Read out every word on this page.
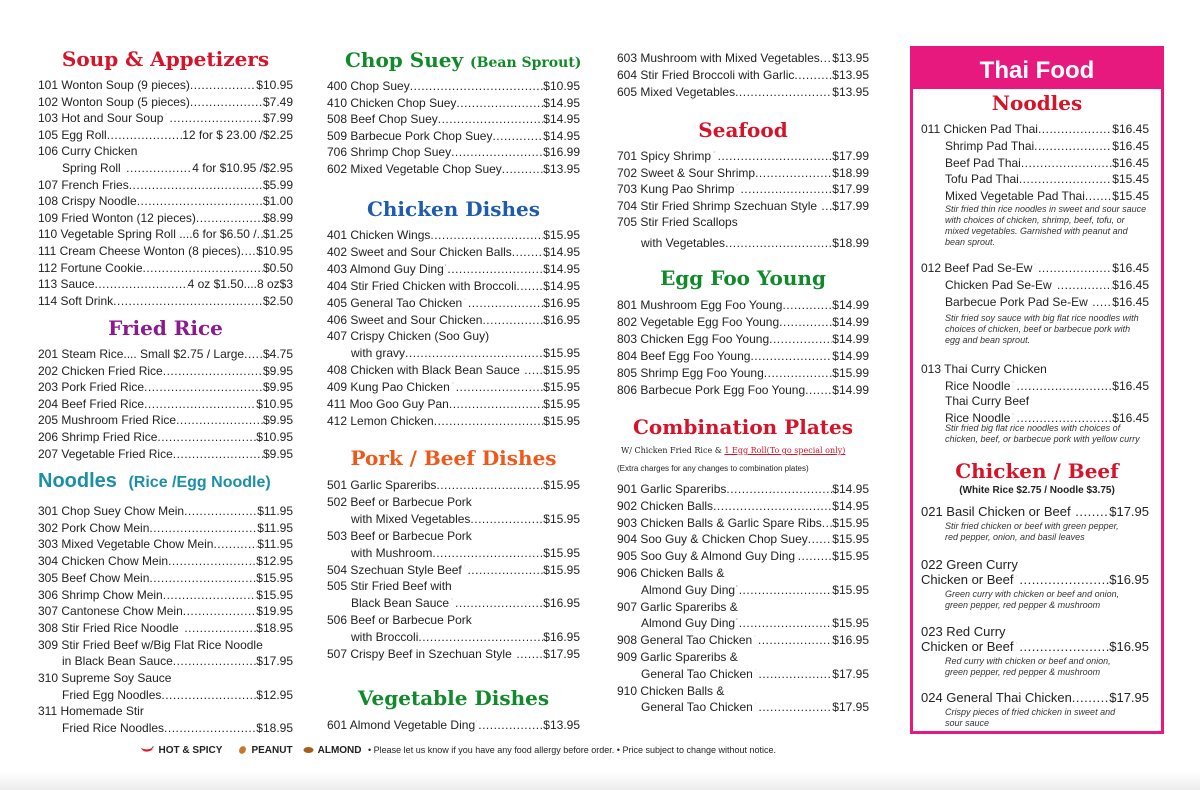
Soup & Appetizers
101 Wonton Soup (9 pieces) .....	$10.95
102 Wonton Soup (5 pieces) .....	$7.49
103 Hot and Sour Soup .....	$7.99
105 Egg Roll .....	12 for $ 23.00 / $2.25
106 Curry Chicken
Spring Roll .....	4 for $10.95 / $2.95
107 French Fries .....	$5.99
108 Crispy Noodle .....	$1.00
109 Fried Wonton (12 pieces) .....	$8.99
110 Vegetable Spring Roll ....6 for $6.50 / ..... $1.25
111 Cream Cheese Wonton (8 pieces) ..... $10.95
112 Fortune Cookie .....	$0.50
113 Sauce .....	4 oz $1.50....8 oz $3
114 Soft Drink .....	$2.50
Fried Rice
201 Steam Rice.... Small $2.75 / Large ..... $4.75
202 Chicken Fried Rice .....	$9.95
203 Pork Fried Rice .....	$9.95
204 Beef Fried Rice .....	$10.95
205 Mushroom Fried Rice .....	$9.95
206 Shrimp Fried Rice .....	$10.95
207 Vegetable Fried Rice .....	$9.95
Noodles (Rice /Egg Noodle)
301 Chop Suey Chow Mein .....	$11.95
302 Pork Chow Mein .....	$11.95
303 Mixed Vegetable Chow Mein .....	$11.95
304 Chicken Chow Mein .....	$12.95
305 Beef Chow Mein .....	$15.95
306 Shrimp Chow Mein .....	$15.95
307 Cantonese Chow Mein .....	$19.95
308 Stir Fried Rice Noodle .....	$18.95
309 Stir Fried Beef w/Big Flat Rice Noodle
in Black Bean Sauce .....	$17.95
310 Supreme Soy Sauce
Fried Egg Noodles .....	$12.95
311 Homemade Stir
Fried Rice Noodles .....	$18.95
Chop Suey (Bean Sprout)
400 Chop Suey .....	$10.95
410 Chicken Chop Suey .....	$14.95
508 Beef Chop Suey .....	$14.95
509 Barbecue Pork Chop Suey .....	$14.95
706 Shrimp Chop Suey .....	$16.99
602 Mixed Vegetable Chop Suey .....	$13.95
Chicken Dishes
401 Chicken Wings .....	$15.95
402 Sweet and Sour Chicken Balls .....	$14.95
403 Almond Guy Ding .....	$14.95
404 Stir Fried Chicken with Broccoli ..... $14.95
405 General Tao Chicken .....	$16.95
406 Sweet and Sour Chicken .....	$16.95
407 Crispy Chicken (Soo Guy)
with gravy .....	$15.95
408 Chicken with Black Bean Sauce ..... $15.95
409 Kung Pao Chicken .....	$15.95
411 Moo Goo Guy Pan .....	$15.95
412 Lemon Chicken .....	$15.95
Pork / Beef Dishes
501 Garlic Spareribs .....	$15.95
502 Beef or Barbecue Pork
with Mixed Vegetables .....	$15.95
503 Beef or Barbecue Pork
with Mushroom .....	$15.95
504 Szechuan Style Beef .....	$15.95
505 Stir Fried Beef with
Black Bean Sauce .....	$16.95
506 Beef or Barbecue Pork
with Broccoli .....	$16.95
507 Crispy Beef in Szechuan Style .....	$17.95
Vegetable Dishes
601 Almond Vegetable Ding .....	$13.95
603 Mushroom with Mixed Vegetables ..... $13.95
604 Stir Fried Broccoli with Garlic .....	$13.95
605 Mixed Vegetables .....	$13.95
Seafood
701 Spicy Shrimp .....	$17.99
702 Sweet & Sour Shrimp .....	$18.99
703 Kung Pao Shrimp .....	$17.99
704 Stir Fried Shrimp Szechuan Style ..... $17.99
705 Stir Fried Scallops
with Vegetables .....	$18.99
Egg Foo Young
801 Mushroom Egg Foo Young .....	$14.99
802 Vegetable Egg Foo Young .....	$14.99
803 Chicken Egg Foo Young .....	$14.99
804 Beef Egg Foo Young .....	$14.99
805 Shrimp Egg Foo Young .....	$15.99
806 Barbecue Pork Egg Foo Young ..... $14.99
Combination Plates
W/ Chicken Fried Rice & 1 Egg Roll(To go special only)
(Extra charges for any changes to combination plates)
901 Garlic Spareribs .....	$14.95
902 Chicken Balls .....	$14.95
903 Chicken Balls & Garlic Spare Ribs ..... $15.95
904 Soo Guy & Chicken Chop Suey ..... $15.95
905 Soo Guy & Almond Guy Ding .....	$15.95
906 Chicken Balls &
Almond Guy Ding .....	$15.95
907 Garlic Spareribs &
Almond Guy Ding .....	$15.95
908 General Tao Chicken .....	$16.95
909 Garlic Spareribs &
General Tao Chicken .....	$17.95
910 Chicken Balls &
General Tao Chicken .....	$17.95
Thai Food
Noodles
011 Chicken Pad Thai .....	$16.45
Shrimp Pad Thai .....	$16.45
Beef Pad Thai .....	$16.45
Tofu Pad Thai .....	$15.45
Mixed Vegetable Pad Thai ..... $15.45
012 Beef Pad Se-Ew .....	$16.45
Chicken Pad Se-Ew .....	$16.45
Barbecue Pork Pad Se-Ew ..... $16.45
013 Thai Curry Chicken
Rice Noodle .....	$16.45
Thai Curry Beef
Rice Noodle .....	$16.45
Stir fried thin rice noodles in sweet and sour sauce with choices of chicken, shrimp, beef, tofu, or mixed vegetables. Garnished with peanut and bean sprout.
Stir fried soy sauce with big flat rice noodles with choices of chicken, beef or barbecue pork with egg and bean sprout.
Stir fried big flat rice noodles with choices of chicken, beef, or barbecue pork with yellow curry
Chicken / Beef
(White Rice $2.75 / Noodle $3.75)
021 Basil Chicken or Beef .....	$17.95
Stir fried chicken or beef with green pepper, red pepper, onion, and basil leaves
022 Green Curry
Chicken or Beef .....	$16.95
Green curry with chicken or beef and onion, green pepper, red pepper & mushroom
023 Red Curry
Chicken or Beef .....	$16.95
Red curry with chicken or beef and onion, green pepper, red pepper & mushroom
024 General Thai Chicken .....	$17.95
Crispy pieces of fried chicken in sweet and sour sauce
HOT & SPICY	PEANUT	ALMOND • Please let us know if you have any food allergy before order. • Price subject to change without notice.
